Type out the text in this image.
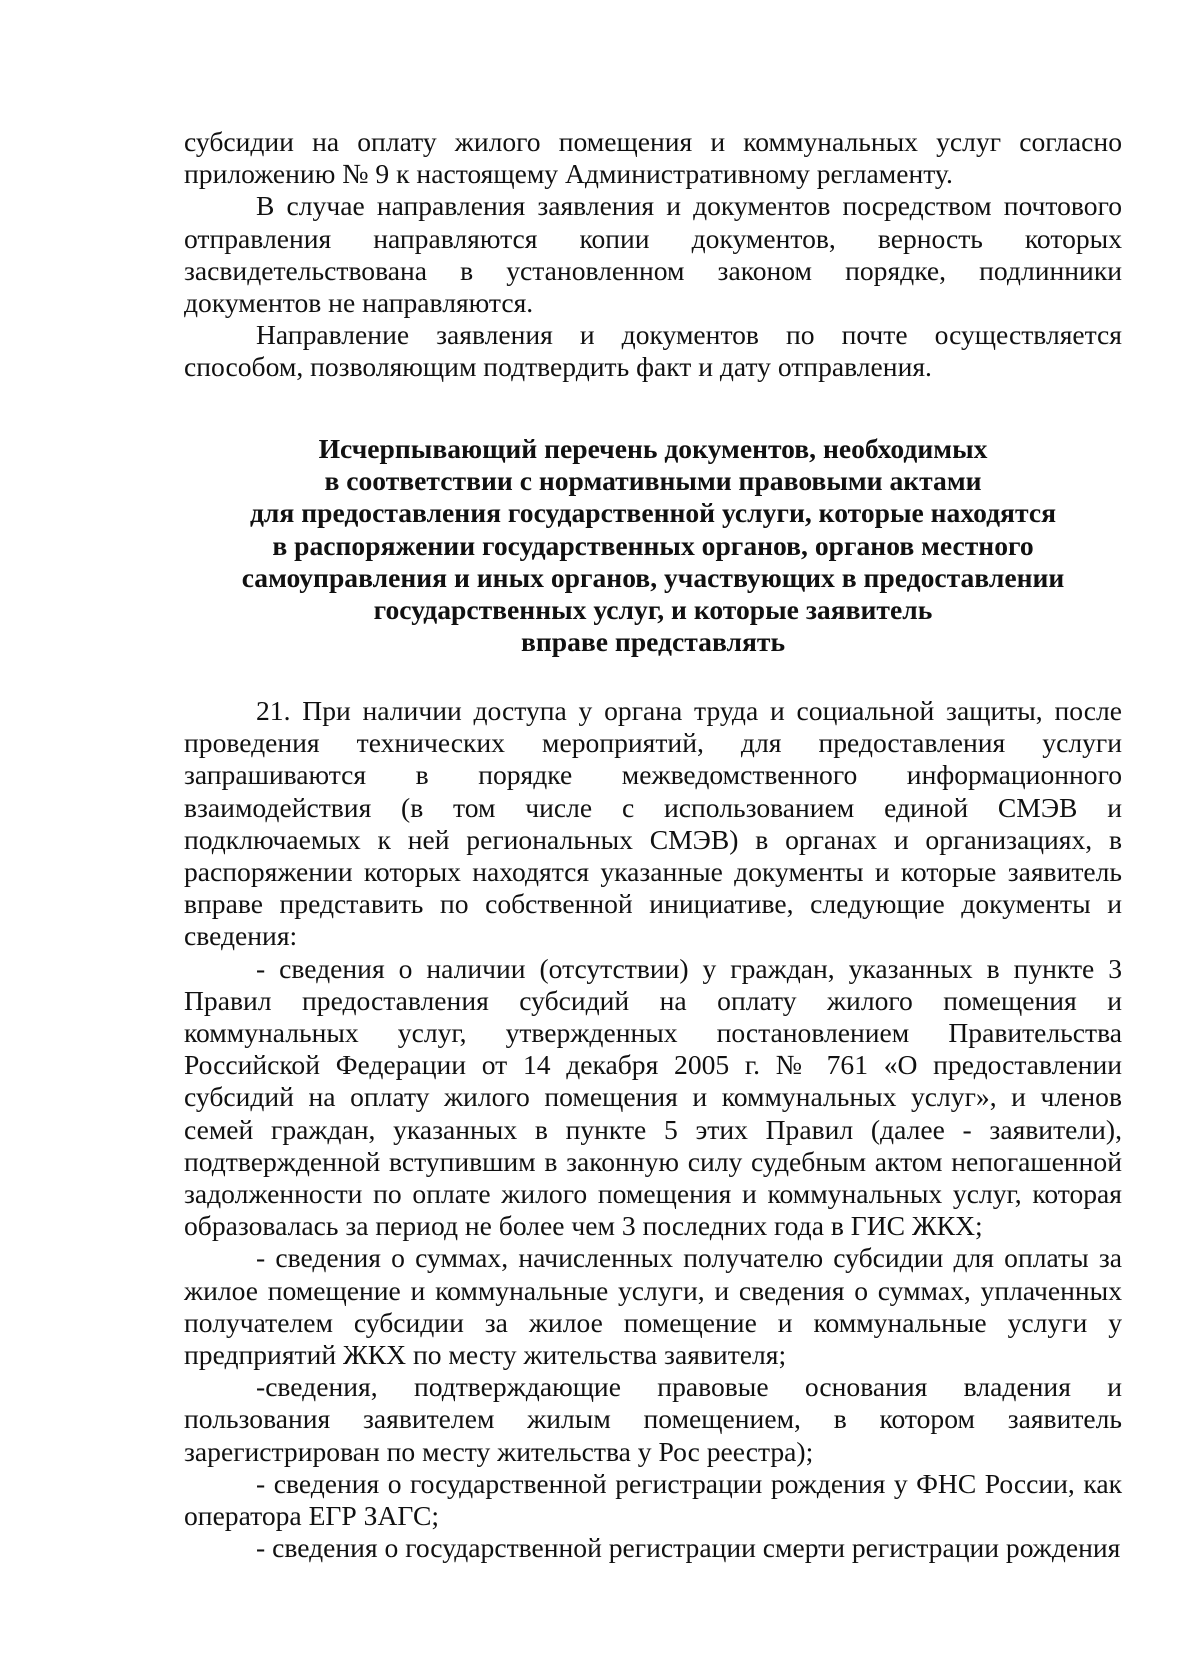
субсидии на оплату жилого помещения и коммунальных услуг согласно приложению № 9 к настоящему Административному регламенту.

В случае направления заявления и документов посредством почтового отправления направляются копии документов, верность которых засвидетельствована в установленном законом порядке, подлинники документов не направляются.

Направление заявления и документов по почте осуществляется способом, позволяющим подтвердить факт и дату отправления.

Исчерпывающий перечень документов, необходимых
в соответствии с нормативными правовыми актами
для предоставления государственной услуги, которые находятся
в распоряжении государственных органов, органов местного
самоуправления и иных органов, участвующих в предоставлении
государственных услуг, и которые заявитель
вправе представлять

21. При наличии доступа у органа труда и социальной защиты, после проведения технических мероприятий, для предоставления услуги запрашиваются в порядке межведомственного информационного взаимодействия (в том числе с использованием единой СМЭВ и подключаемых к ней региональных СМЭВ) в органах и организациях, в распоряжении которых находятся указанные документы и которые заявитель вправе представить по собственной инициативе, следующие документы и сведения:

- сведения о наличии (отсутствии) у граждан, указанных в пункте 3 Правил предоставления субсидий на оплату жилого помещения и коммунальных услуг, утвержденных постановлением Правительства Российской Федерации от 14 декабря 2005 г. № 761 «О предоставлении субсидий на оплату жилого помещения и коммунальных услуг», и членов семей граждан, указанных в пункте 5 этих Правил (далее - заявители), подтвержденной вступившим в законную силу судебным актом непогашенной задолженности по оплате жилого помещения и коммунальных услуг, которая образовалась за период не более чем 3 последних года в ГИС ЖКХ;

- сведения о суммах, начисленных получателю субсидии для оплаты за жилое помещение и коммунальные услуги, и сведения о суммах, уплаченных получателем субсидии за жилое помещение и коммунальные услуги у предприятий ЖКХ по месту жительства заявителя;

-сведения, подтверждающие правовые основания владения и пользования заявителем жилым помещением, в котором заявитель зарегистрирован по месту жительства у Рос реестра);

- сведения о государственной регистрации рождения у ФНС России, как оператора ЕГР ЗАГС;

- сведения о государственной регистрации смерти регистрации рождения
